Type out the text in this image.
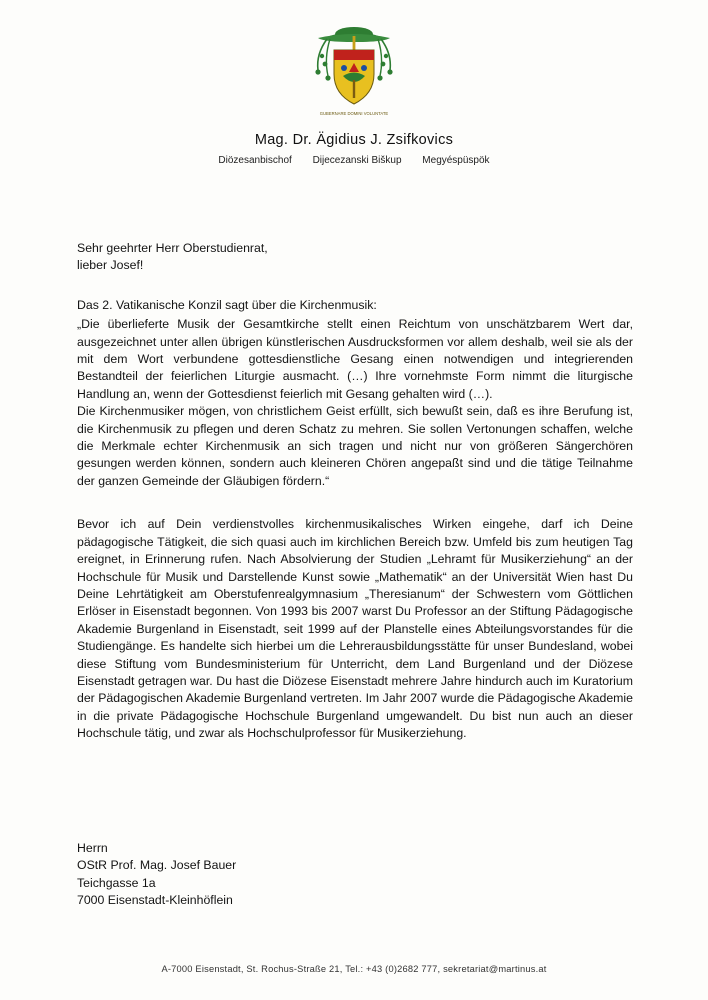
GUBERNARE DOMINI VOLUNTATE
Mag. Dr. Ägidius J. Zsifkovics
Diözesanbischof Dijecezanski Biškup Megyéspüspök
Sehr geehrter Herr Oberstudienrat,
lieber Josef!

Das 2. Vatikanische Konzil sagt über die Kirchenmusik:

„Die überlieferte Musik der Gesamtkirche stellt einen Reichtum von unschätzbarem Wert dar, ausgezeichnet unter allen übrigen künstlerischen Ausdrucksformen vor allem deshalb, weil sie als der mit dem Wort verbundene gottesdienstliche Gesang einen notwendigen und integrierenden Bestandteil der feierlichen Liturgie ausmacht. (…) Ihre vornehmste Form nimmt die liturgische Handlung an, wenn der Gottesdienst feierlich mit Gesang gehalten wird (…).

Die Kirchenmusiker mögen, von christlichem Geist erfüllt, sich bewußt sein, daß es ihre Berufung ist, die Kirchenmusik zu pflegen und deren Schatz zu mehren. Sie sollen Vertonungen schaffen, welche die Merkmale echter Kirchenmusik an sich tragen und nicht nur von größeren Sängerchören gesungen werden können, sondern auch kleineren Chören angepaßt sind und die tätige Teilnahme der ganzen Gemeinde der Gläubigen fördern.“

Bevor ich auf Dein verdienstvolles kirchenmusikalisches Wirken eingehe, darf ich Deine pädagogische Tätigkeit, die sich quasi auch im kirchlichen Bereich bzw. Umfeld bis zum heutigen Tag ereignet, in Erinnerung rufen. Nach Absolvierung der Studien „Lehramt für Musikerziehung“ an der Hochschule für Musik und Darstellende Kunst sowie „Mathematik“ an der Universität Wien hast Du Deine Lehrtätigkeit am Oberstufenrealgymnasium „Theresianum“ der Schwestern vom Göttlichen Erlöser in Eisenstadt begonnen. Von 1993 bis 2007 warst Du Professor an der Stiftung Pädagogische Akademie Burgenland in Eisenstadt, seit 1999 auf der Planstelle eines Abteilungsvorstandes für die Studiengänge. Es handelte sich hierbei um die Lehrerausbildungsstätte für unser Bundesland, wobei diese Stiftung vom Bundesministerium für Unterricht, dem Land Burgenland und der Diözese Eisenstadt getragen war. Du hast die Diözese Eisenstadt mehrere Jahre hindurch auch im Kuratorium der Pädagogischen Akademie Burgenland vertreten. Im Jahr 2007 wurde die Pädagogische Akademie in die private Pädagogische Hochschule Burgenland umgewandelt. Du bist nun auch an dieser Hochschule tätig, und zwar als Hochschulprofessor für Musikerziehung.

Herrn
OStR Prof. Mag. Josef Bauer
Teichgasse 1a
7000 Eisenstadt-Kleinhöflein
A-7000 Eisenstadt, St. Rochus-Straße 21, Tel.: +43 (0)2682 777, sekretariat@martinus.at
